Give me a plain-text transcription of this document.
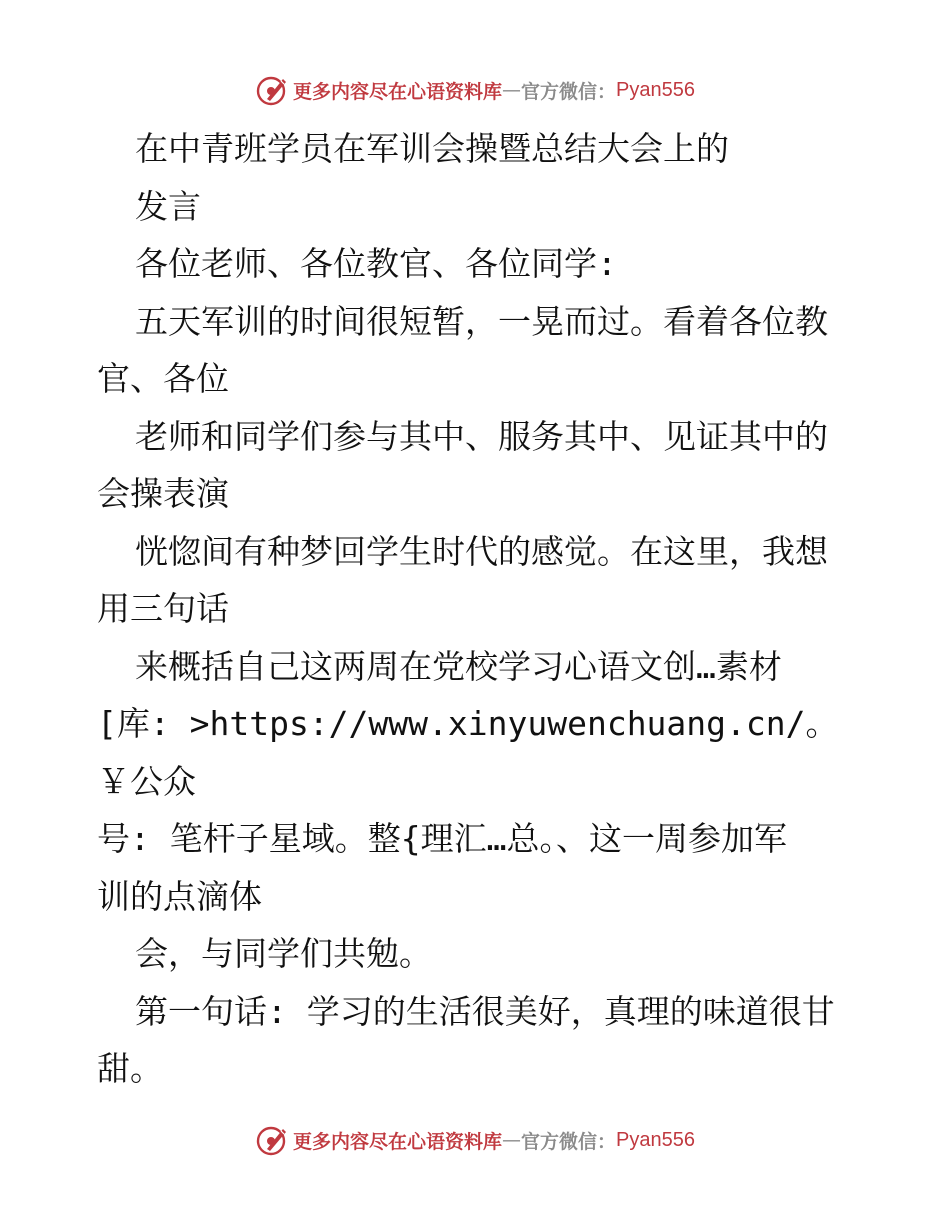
更多内容尽在心语资料库 — 官方微信： Pyan556

在中青班学员在军训会操暨总结大会上的

发言

各位老师、各位教官、各位同学:

五天军训的时间很短暂，一晃而过。看着各位教

官、各位

老师和同学们参与其中、服务其中、见证其中的

会操表演

恍惚间有种梦回学生时代的感觉。在这里，我想

用三句话

来概括自己这两周在党校学习心语文创…素材

[库: >https://www.xinyuwenchuang.cn/。￥公众

号: 笔杆子星域。整{理汇…总。、这一周参加军

训的点滴体

会，与同学们共勉。

第一句话: 学习的生活很美好，真理的味道很甘

甜。

更多内容尽在心语资料库 — 官方微信： Pyan556
